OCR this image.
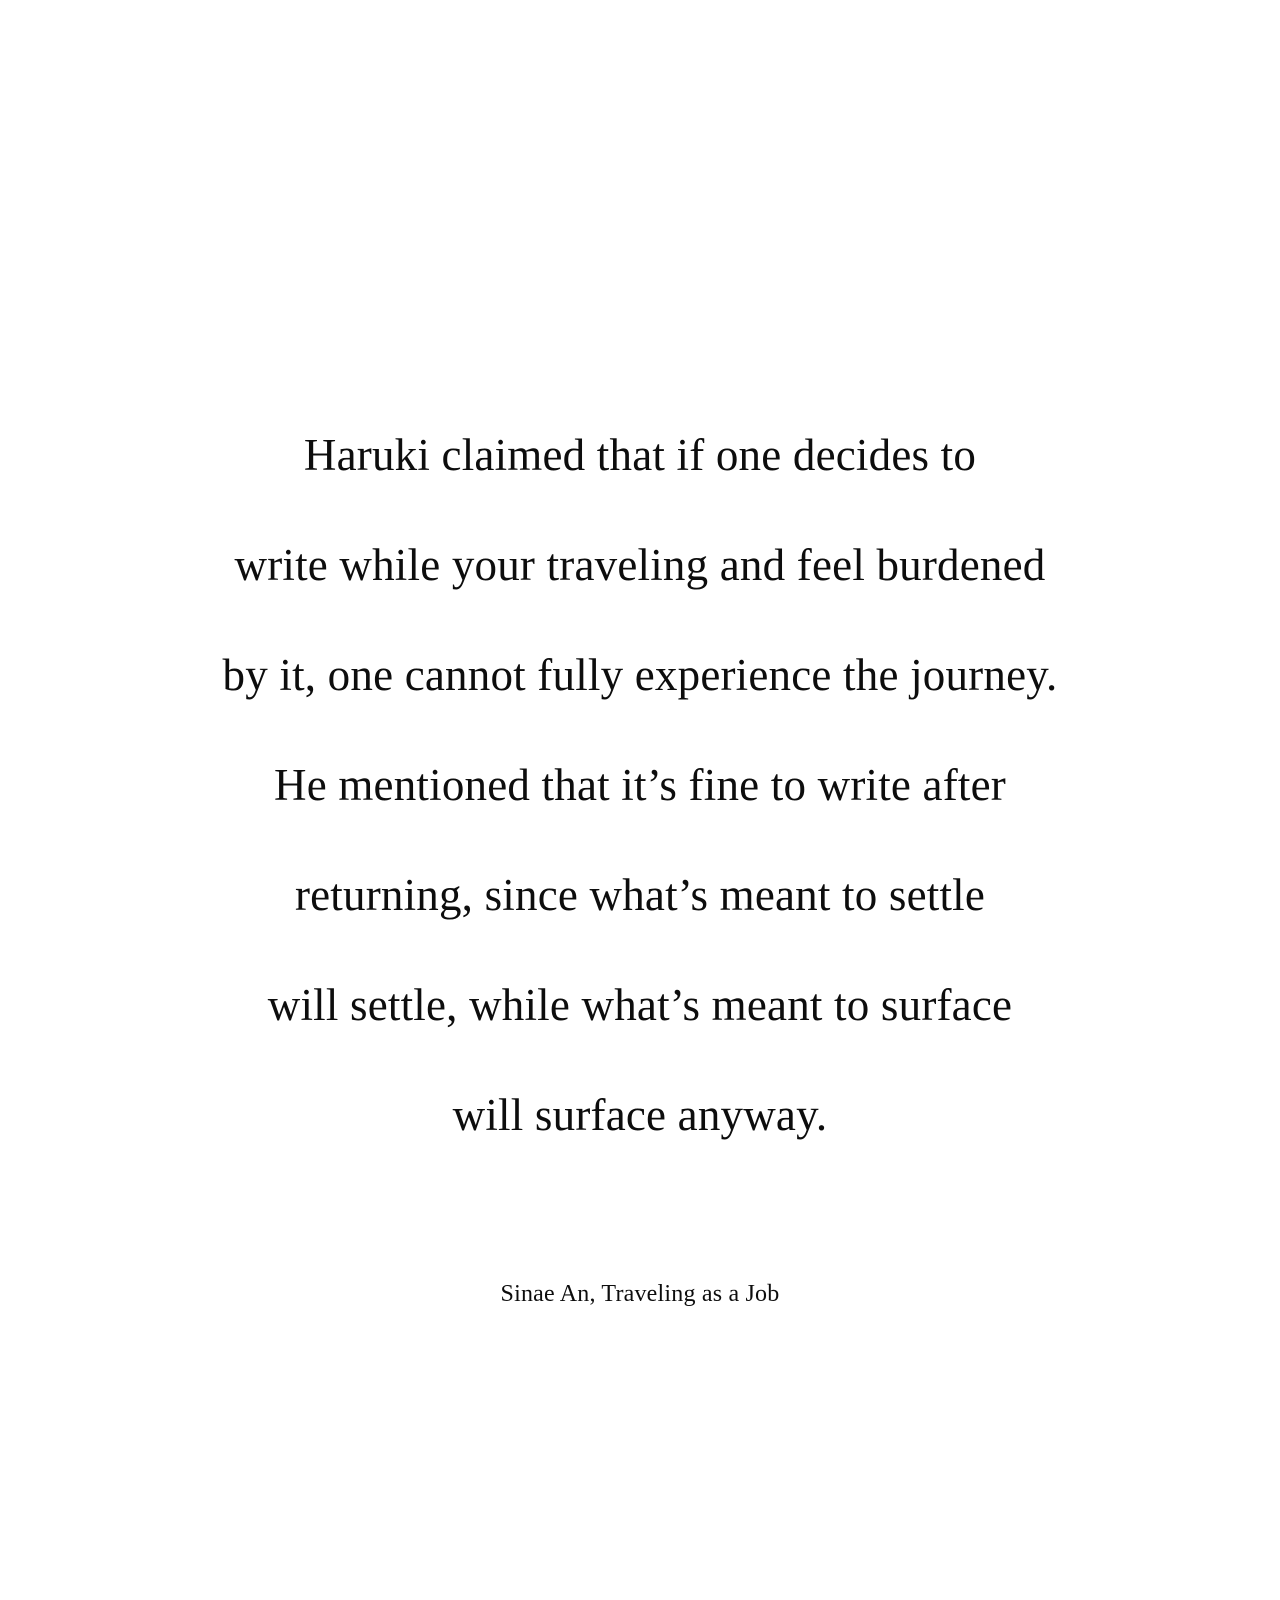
Haruki claimed that if one decides to
write while your traveling and feel burdened
by it, one cannot fully experience the journey.
He mentioned that it’s fine to write after
returning, since what’s meant to settle
will settle, while what’s meant to surface
will surface anyway.
Sinae An, Traveling as a Job
